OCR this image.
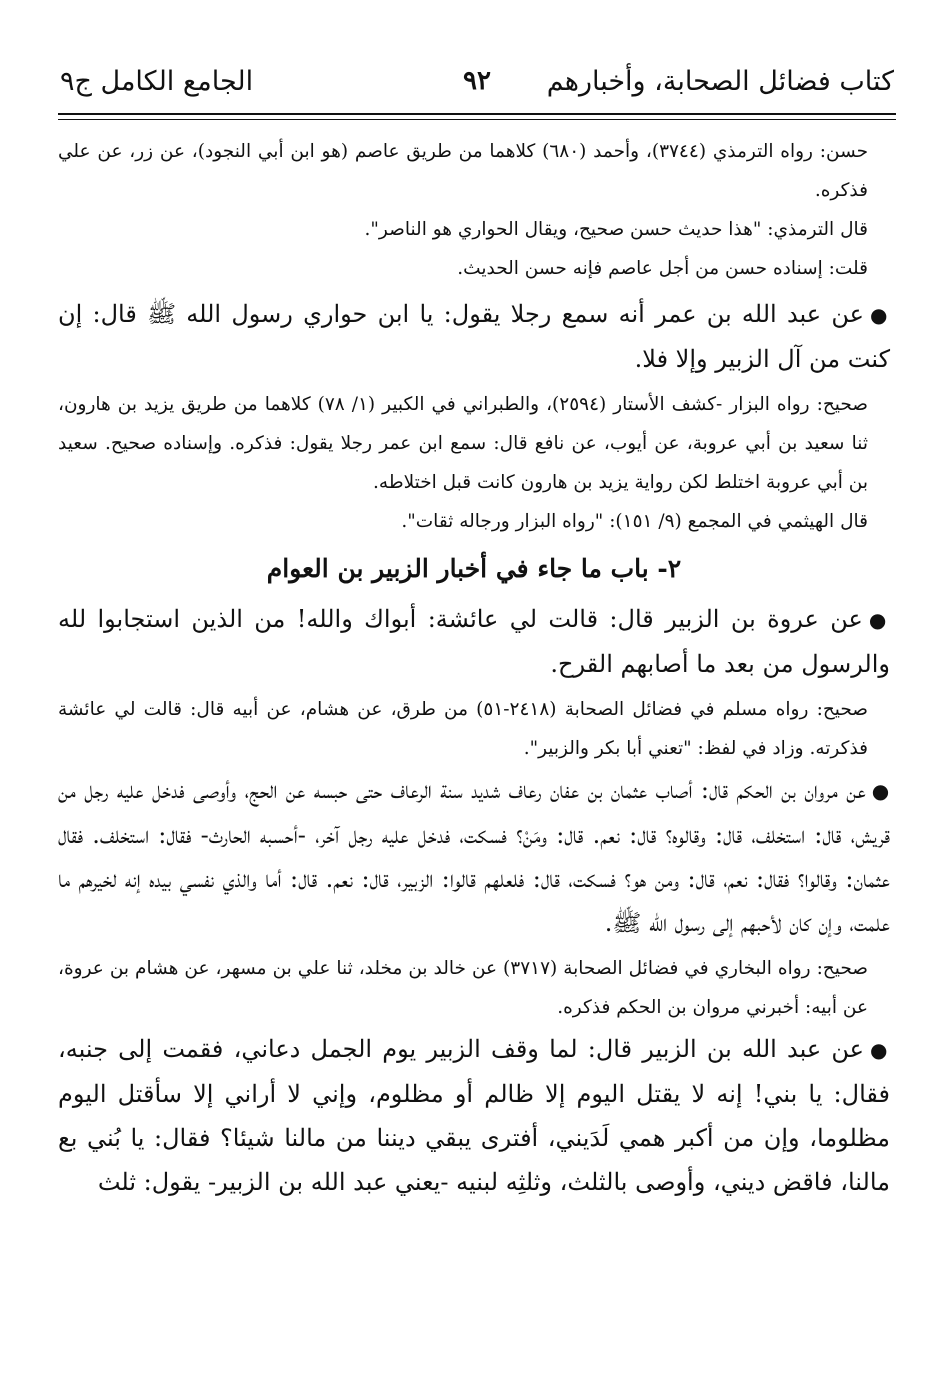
كتاب فضائل الصحابة، وأخبارهم
٩٢
الجامع الكامل ج٩

حسن: رواه الترمذي (٣٧٤٤)، وأحمد (٦٨٠) كلاهما من طريق عاصم (هو ابن أبي النجود)، عن زر، عن علي فذكره.

قال الترمذي: "هذا حديث حسن صحيح، ويقال الحواري هو الناصر".

قلت: إسناده حسن من أجل عاصم فإنه حسن الحديث.

●عن عبد الله بن عمر أنه سمع رجلا يقول: يا ابن حواري رسول الله ﷺ قال: إن كنت من آل الزبير وإلا فلا.

صحيح: رواه البزار -كشف الأستار (٢٥٩٤)، والطبراني في الكبير (١/ ٧٨) كلاهما من طريق يزيد بن هارون، ثنا سعيد بن أبي عروبة، عن أيوب، عن نافع قال: سمع ابن عمر رجلا يقول: فذكره. وإسناده صحيح. سعيد بن أبي عروبة اختلط لكن رواية يزيد بن هارون كانت قبل اختلاطه.

قال الهيثمي في المجمع (٩/ ١٥١): "رواه البزار ورجاله ثقات".

٢- باب ما جاء في أخبار الزبير بن العوام

●عن عروة بن الزبير قال: قالت لي عائشة: أبواك والله! من الذين استجابوا لله والرسول من بعد ما أصابهم القرح.

صحيح: رواه مسلم في فضائل الصحابة (٢٤١٨-٥١) من طرق، عن هشام، عن أبيه قال: قالت لي عائشة فذكرته. وزاد في لفظ: "تعني أبا بكر والزبير".

●عن مروان بن الحكم قال: أصاب عثمان بن عفان رعاف شديد سنة الرعاف حتى حبسه عن الحج، وأوصى فدخل عليه رجل من قريش، قال: استخلف، قال: وقالوه؟ قال: نعم. قال: ومَنْ؟ فسكت، فدخل عليه رجل آخر، -أحسبه الحارث- فقال: استخلف. فقال عثمان: وقالوا؟ فقال: نعم، قال: ومن هو؟ فسكت، قال: فلعلهم قالوا: الزبير، قال: نعم. قال: أما والذي نفسي بيده إنه لخيرهم ما علمت، وإن كان لأحبهم إلى رسول الله ﷺ.

صحيح: رواه البخاري في فضائل الصحابة (٣٧١٧) عن خالد بن مخلد، ثنا علي بن مسهر، عن هشام بن عروة، عن أبيه: أخبرني مروان بن الحكم فذكره.

●عن عبد الله بن الزبير قال: لما وقف الزبير يوم الجمل دعاني، فقمت إلى جنبه، فقال: يا بني! إنه لا يقتل اليوم إلا ظالم أو مظلوم، وإني لا أراني إلا سأقتل اليوم مظلوما، وإن من أكبر همي لَدَيني، أفترى يبقي ديننا من مالنا شيئا؟ فقال: يا بُني بع مالنا، فاقض ديني، وأوصى بالثلث، وثلثِه لبنيه -يعني عبد الله بن الزبير- يقول: ثلث
